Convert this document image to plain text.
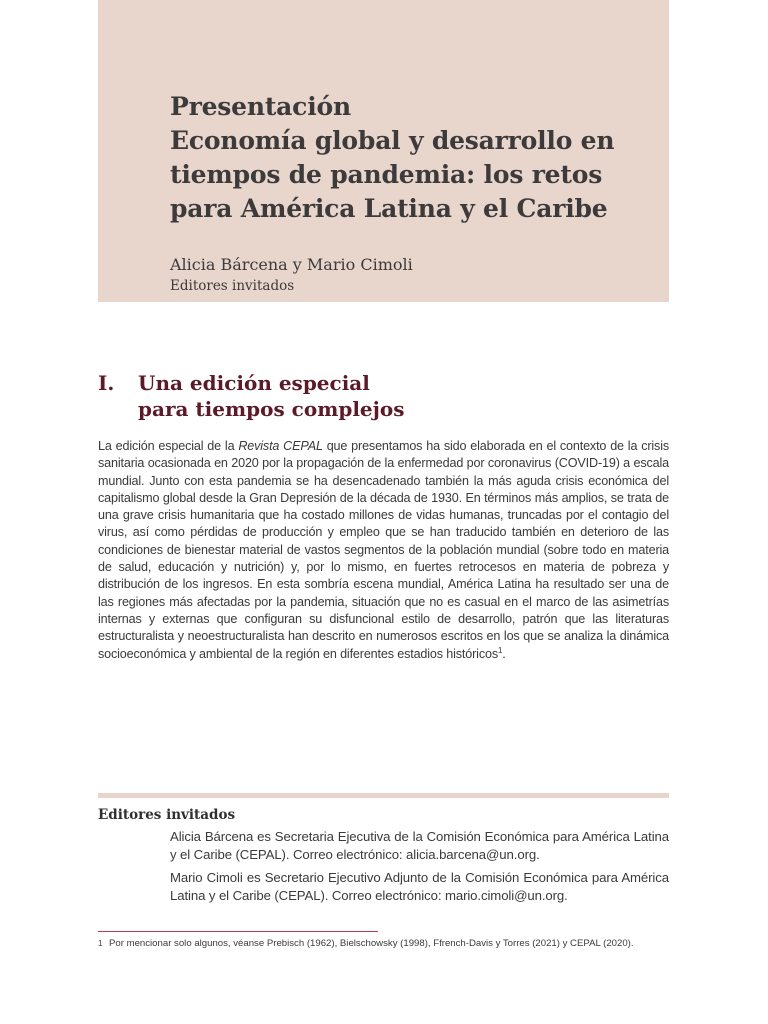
Presentación
Economía global y desarrollo en
tiempos de pandemia: los retos
para América Latina y el Caribe
Alicia Bárcena y Mario Cimoli
Editores invitados
I. Una edición especial
para tiempos complejos

La edición especial de la Revista CEPAL que presentamos ha sido elaborada en el contexto de la crisis sanitaria ocasionada en 2020 por la propagación de la enfermedad por coronavirus (COVID-19) a escala mundial. Junto con esta pandemia se ha desencadenado también la más aguda crisis económica del capitalismo global desde la Gran Depresión de la década de 1930. En términos más amplios, se trata de una grave crisis humanitaria que ha costado millones de vidas humanas, truncadas por el contagio del virus, así como pérdidas de producción y empleo que se han traducido también en deterioro de las condiciones de bienestar material de vastos segmentos de la población mundial (sobre todo en materia de salud, educación y nutrición) y, por lo mismo, en fuertes retrocesos en materia de pobreza y distribución de los ingresos. En esta sombría escena mundial, América Latina ha resultado ser una de las regiones más afectadas por la pandemia, situación que no es casual en el marco de las asimetrías internas y externas que configuran su disfuncional estilo de desarrollo, patrón que las literaturas estructuralista y neoestructuralista han descrito en numerosos escritos en los que se analiza la dinámica socioeconómica y ambiental de la región en diferentes estadios históricos$^1$.

Editores invitados

Alicia Bárcena es Secretaria Ejecutiva de la Comisión Económica para América Latina y el Caribe (CEPAL). Correo electrónico: alicia.barcena@un.org.

Mario Cimoli es Secretario Ejecutivo Adjunto de la Comisión Económica para América Latina y el Caribe (CEPAL). Correo electrónico: mario.cimoli@un.org.

1 Por mencionar solo algunos, véanse Prebisch (1962), Bielschowsky (1998), Ffrench-Davis y Torres (2021) y CEPAL (2020).
